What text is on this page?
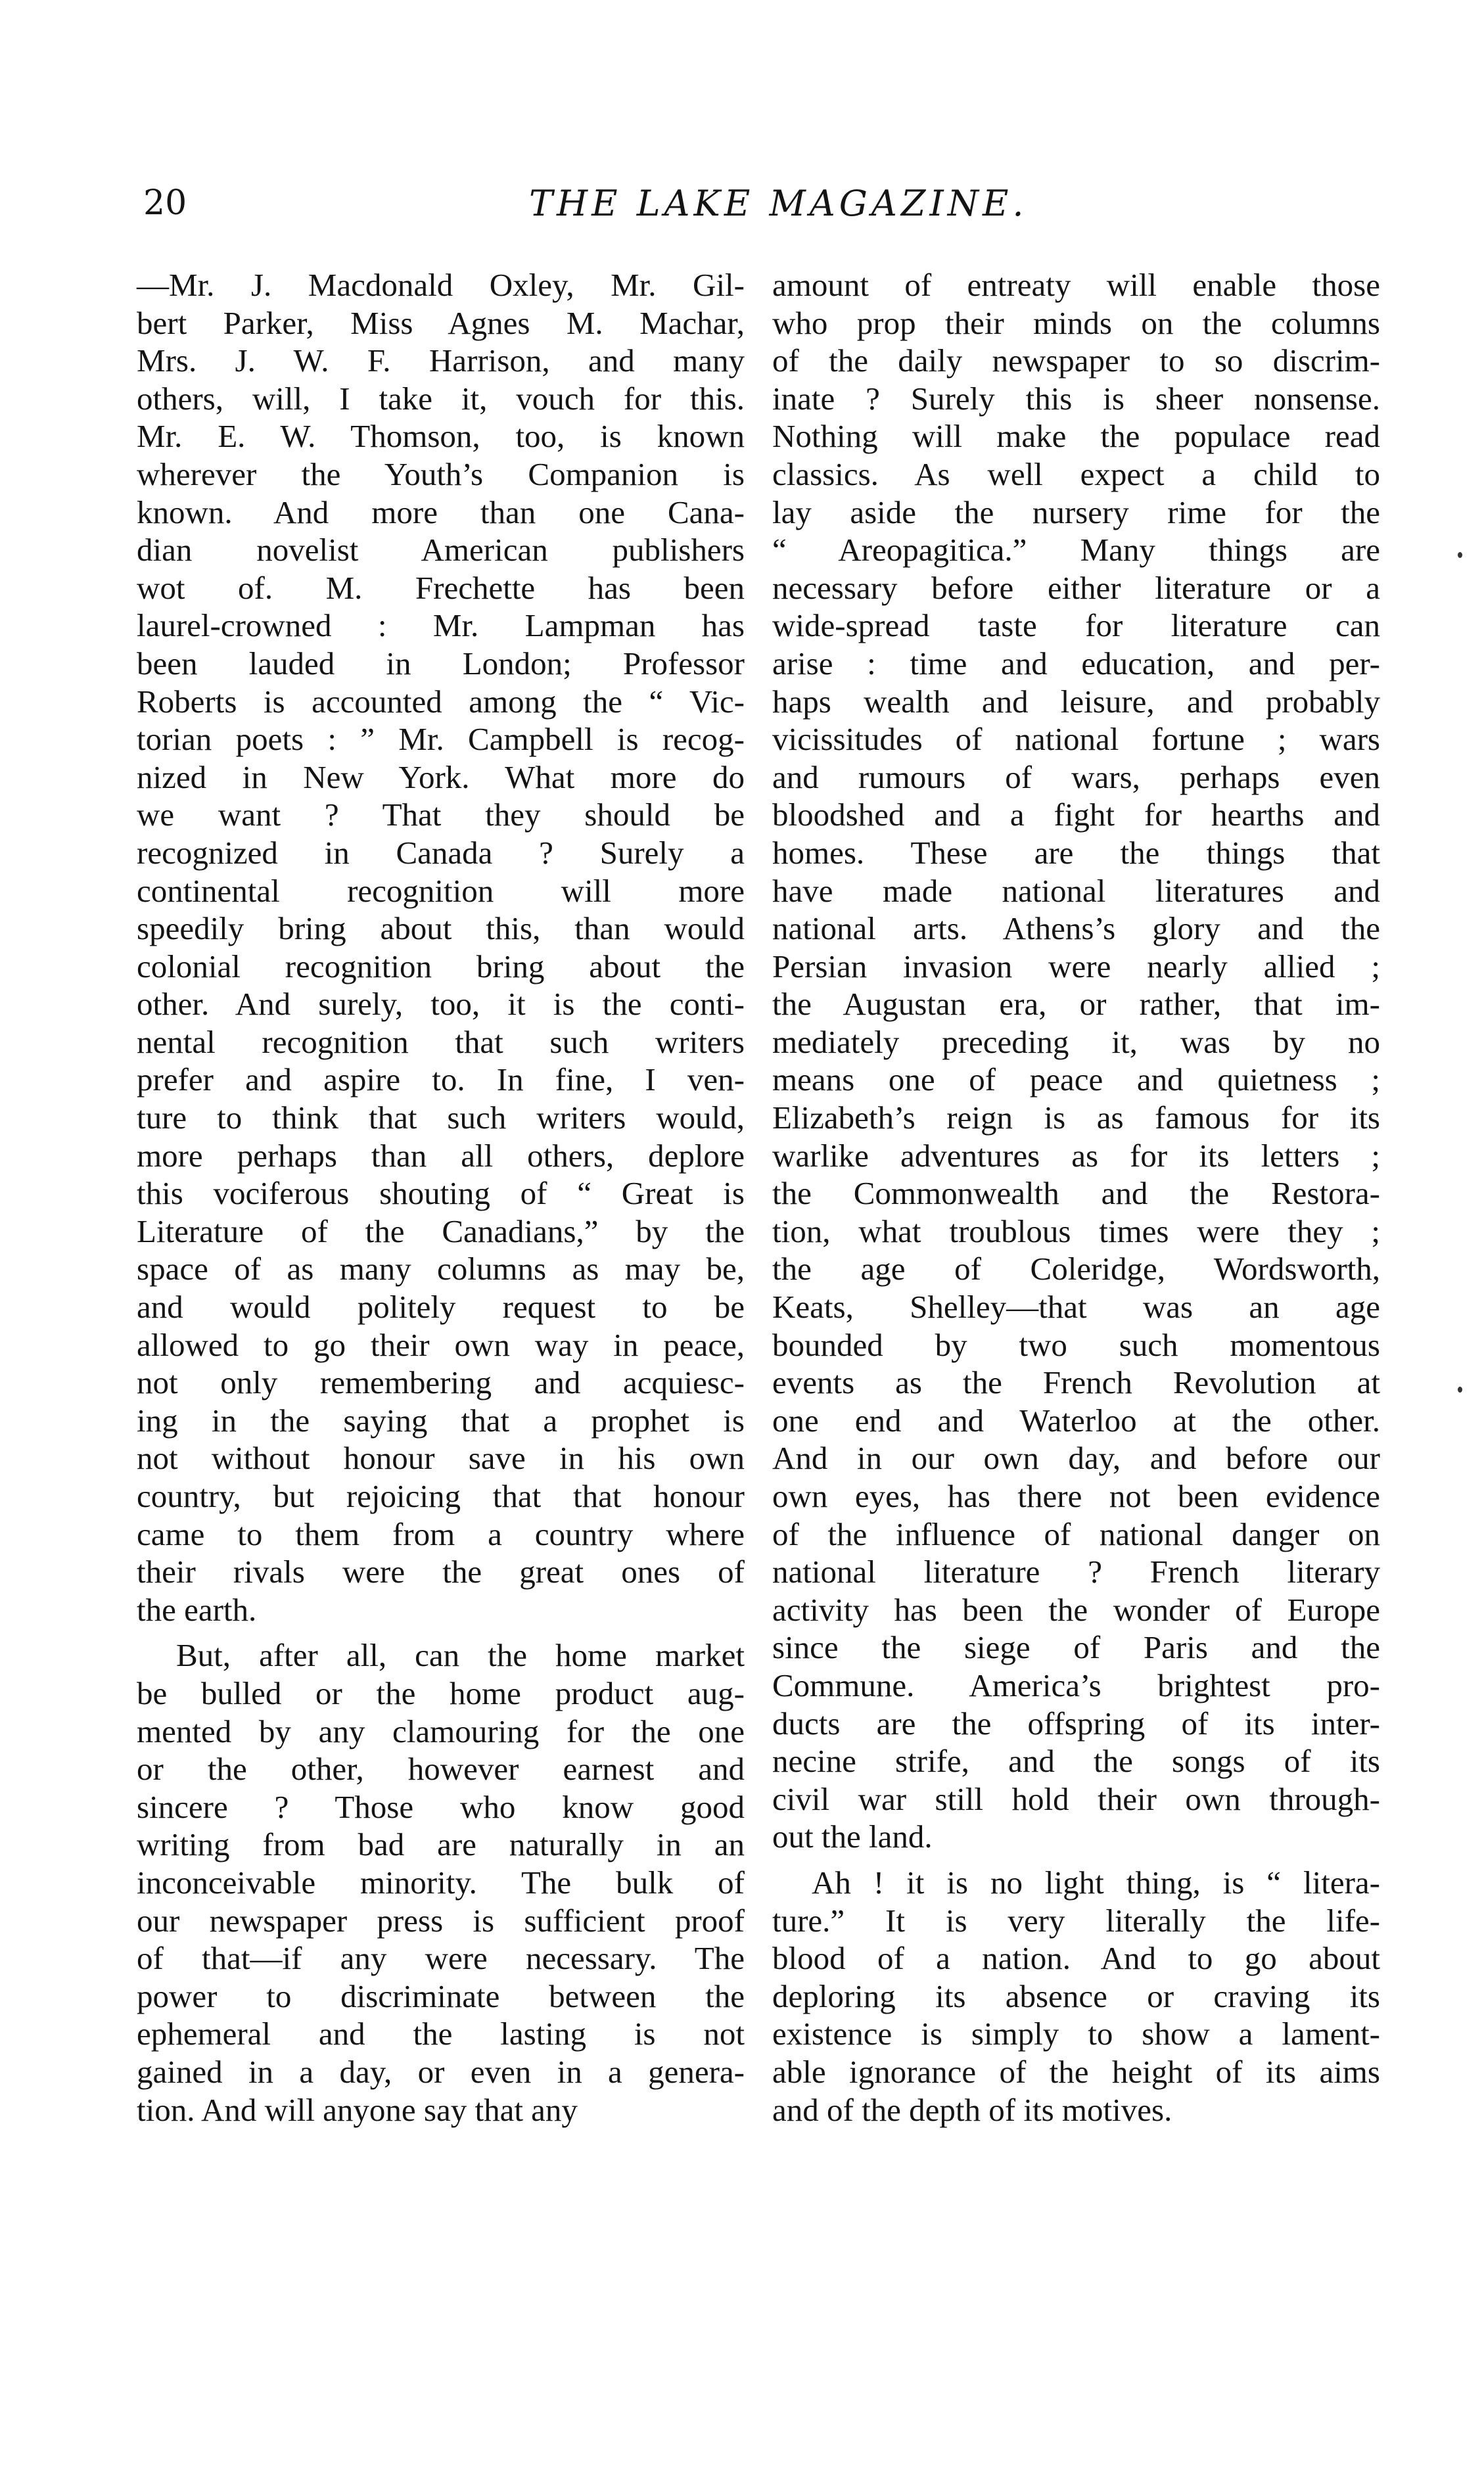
20	THE LAKE MAGAZINE.
—Mr. J. Macdonald Oxley, Mr. Gil-
bert Parker, Miss Agnes M. Machar,
Mrs. J. W. F. Harrison, and many
others, will, I take it, vouch for this.
Mr. E. W. Thomson, too, is known
wherever the Youth’s Companion is
known. And more than one Cana-
dian novelist American publishers
wot of. M. Frechette has been
laurel-crowned : Mr. Lampman has
been lauded in London; Professor
Roberts is accounted among the “ Vic-
torian poets : ” Mr. Campbell is recog-
nized in New York. What more do
we want ? That they should be
recognized in Canada ? Surely a
continental recognition will more
speedily bring about this, than would
colonial recognition bring about the
other. And surely, too, it is the conti-
nental recognition that such writers
prefer and aspire to. In fine, I ven-
ture to think that such writers would,
more perhaps than all others, deplore
this vociferous shouting of “ Great is
Literature of the Canadians,” by the
space of as many columns as may be,
and would politely request to be
allowed to go their own way in peace,
not only remembering and acquiesc-
ing in the saying that a prophet is
not without honour save in his own
country, but rejoicing that that honour
came to them from a country where
their rivals were the great ones of
the earth.
But, after all, can the home market
be bulled or the home product aug-
mented by any clamouring for the one
or the other, however earnest and
sincere ? Those who know good
writing from bad are naturally in an
inconceivable minority. The bulk of
our newspaper press is sufficient proof
of that—if any were necessary. The
power to discriminate between the
ephemeral and the lasting is not
gained in a day, or even in a genera-
tion. And will anyone say that any
amount of entreaty will enable those
who prop their minds on the columns
of the daily newspaper to so discrim-
inate ? Surely this is sheer nonsense.
Nothing will make the populace read
classics. As well expect a child to
lay aside the nursery rime for the
“ Areopagitica.” Many things are
necessary before either literature or a
wide-spread taste for literature can
arise : time and education, and per-
haps wealth and leisure, and probably
vicissitudes of national fortune ; wars
and rumours of wars, perhaps even
bloodshed and a fight for hearths and
homes. These are the things that
have made national literatures and
national arts. Athens’s glory and the
Persian invasion were nearly allied ;
the Augustan era, or rather, that im-
mediately preceding it, was by no
means one of peace and quietness ;
Elizabeth’s reign is as famous for its
warlike adventures as for its letters ;
the Commonwealth and the Restora-
tion, what troublous times were they ;
the age of Coleridge, Wordsworth,
Keats, Shelley—that was an age
bounded by two such momentous
events as the French Revolution at
one end and Waterloo at the other.
And in our own day, and before our
own eyes, has there not been evidence
of the influence of national danger on
national literature ? French literary
activity has been the wonder of Europe
since the siege of Paris and the
Commune. America’s brightest pro-
ducts are the offspring of its inter-
necine strife, and the songs of its
civil war still hold their own through-
out the land.
Ah ! it is no light thing, is “ litera-
ture.” It is very literally the life-
blood of a nation. And to go about
deploring its absence or craving its
existence is simply to show a lament-
able ignorance of the height of its aims
and of the depth of its motives.
